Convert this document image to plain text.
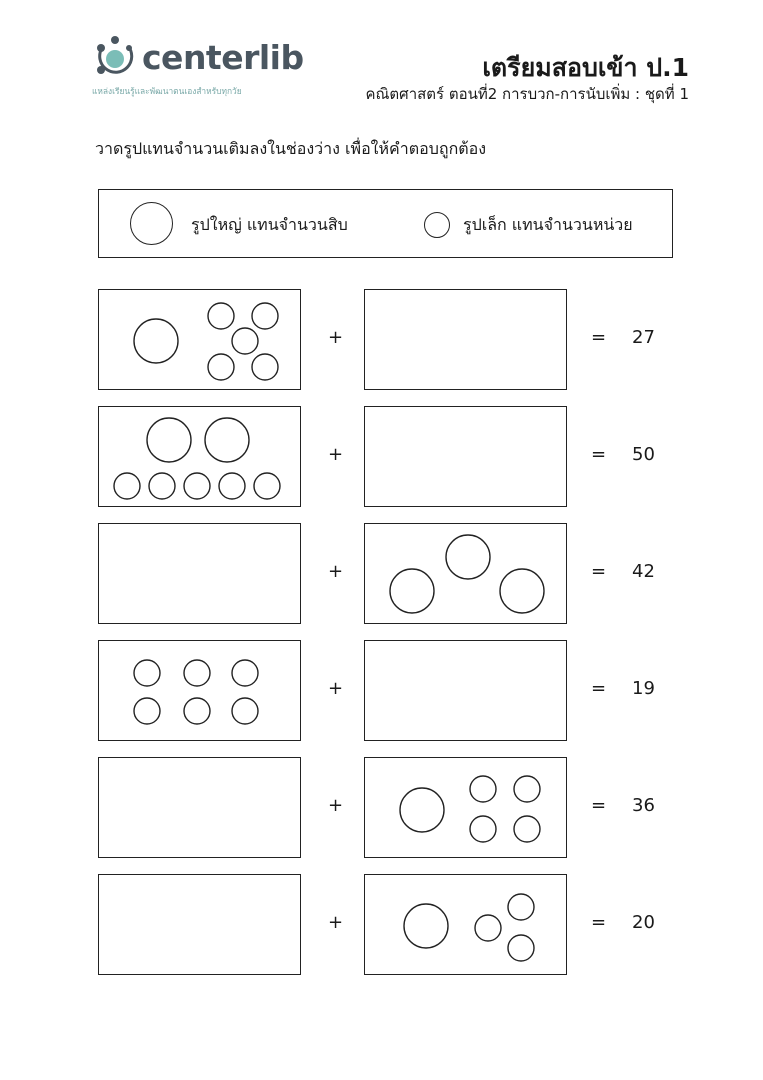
centerlib
แหล่งเรียนรู้และพัฒนาตนเองสำหรับทุกวัย
เตรียมสอบเข้า ป.1
คณิตศาสตร์ ตอนที่2 การบวก-การนับเพิ่ม : ชุดที่ 1
วาดรูปแทนจำนวนเติมลงในช่องว่าง เพื่อให้คำตอบถูกต้อง
รูปใหญ่ แทนจำนวนสิบ	รูปเล็ก แทนจำนวนหน่วย
+	= 27
+	= 50
+	= 42
+	= 19
+	= 36
+	= 20
